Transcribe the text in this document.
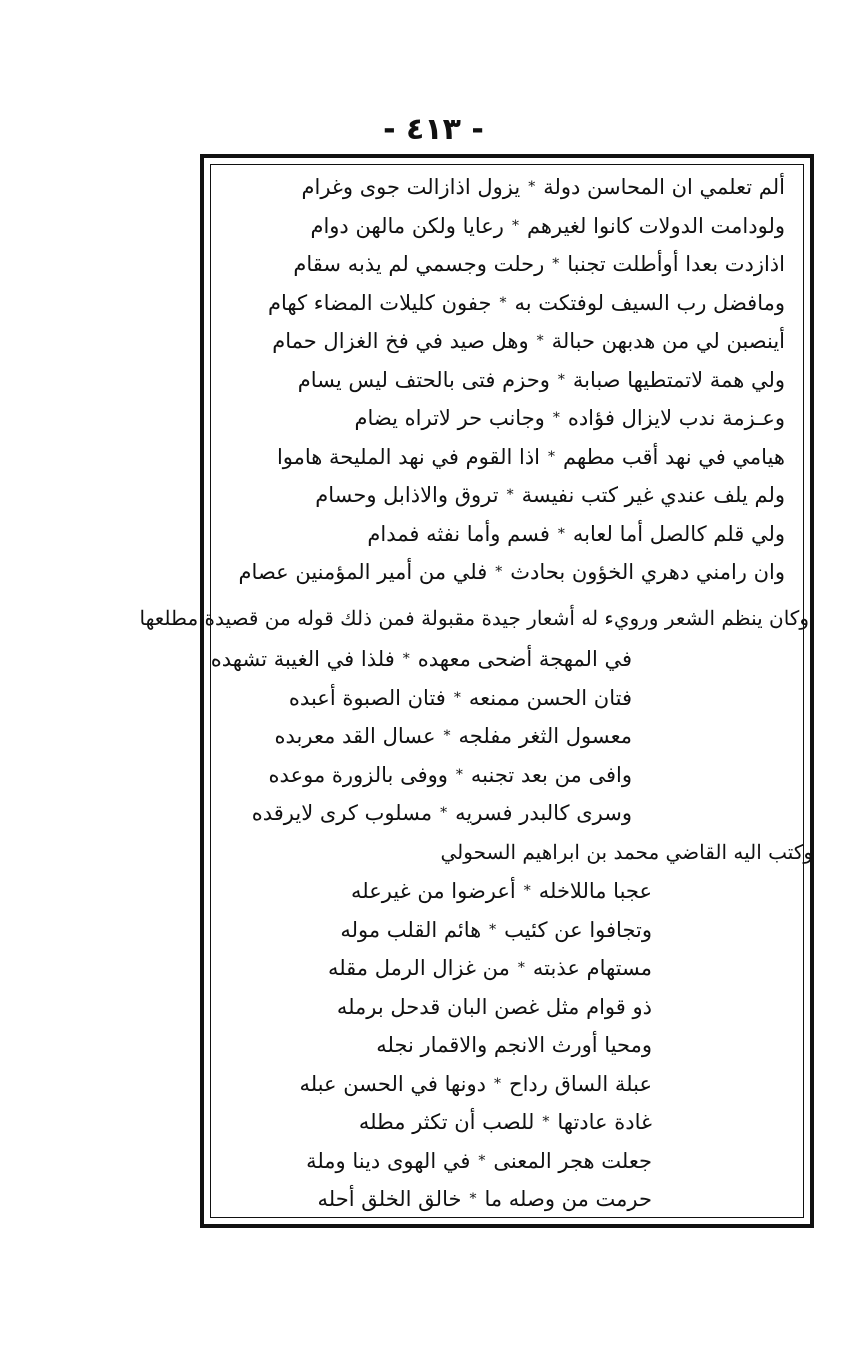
- ٤١٣ -
ألم تعلمي ان المحاسن دولة
*
يزول اذازالت جوى وغرام
ولودامت الدولات كانوا لغيرهم
*
رعايا ولكن مالهن دوام
اذازدت بعدا أوأطلت تجنبا
*
رحلت وجسمي لم يذبه سقام
ومافضل رب السيف لوفتكت به
*
جفون كليلات المضاء كهام
أينصبن لي من هدبهن حبالة
*
وهل صيد في فخ الغزال حمام
ولي همة لاتمتطيها صبابة
*
وحزم فتى بالحتف ليس يسام
وعـزمة ندب لايزال فؤاده
*
وجانب حر لاتراه يضام
هيامي في نهد أقب مطهم
*
اذا القوم في نهد المليحة هاموا
ولم يلف عندي غير كتب نفيسة
*
تروق والاذابل وحسام
ولي قلم كالصل أما لعابه
*
فسم وأما نفثه فمدام
وان رامني دهري الخؤون بحادث
*
فلي من أمير المؤمنين عصام
وكان ينظم الشعر ورويء له أشعار جيدة مقبولة فمن ذلك قوله من قصيدة مطلعها
في المهجة أضحى معهده
*
فلذا في الغيبة تشهده
فتان الحسن ممنعه
*
فتان الصبوة أعبده
معسول الثغر مفلجه
*
عسال القد معربده
وافى من بعد تجنبه
*
ووفى بالزورة موعده
وسرى كالبدر فسريه
*
مسلوب كرى لايرقده
وكتب اليه القاضي محمد بن ابراهيم السحولي
عجبا ماللاخله
*
أعرضوا من غيرعله
وتجافوا عن كئيب
*
هائم القلب موله
مستهام عذبته
*
من غزال الرمل مقله
ذو قوام مثل غصن البان قدحل برمله
ومحيا أورث الانجم والاقمار نجله
عبلة الساق رداح
*
دونها في الحسن عبله
غادة عادتها
*
للصب أن تكثر مطله
جعلت هجر المعنى
*
في الهوى دينا وملة
حرمت من وصله ما
*
خالق الخلق أحله
